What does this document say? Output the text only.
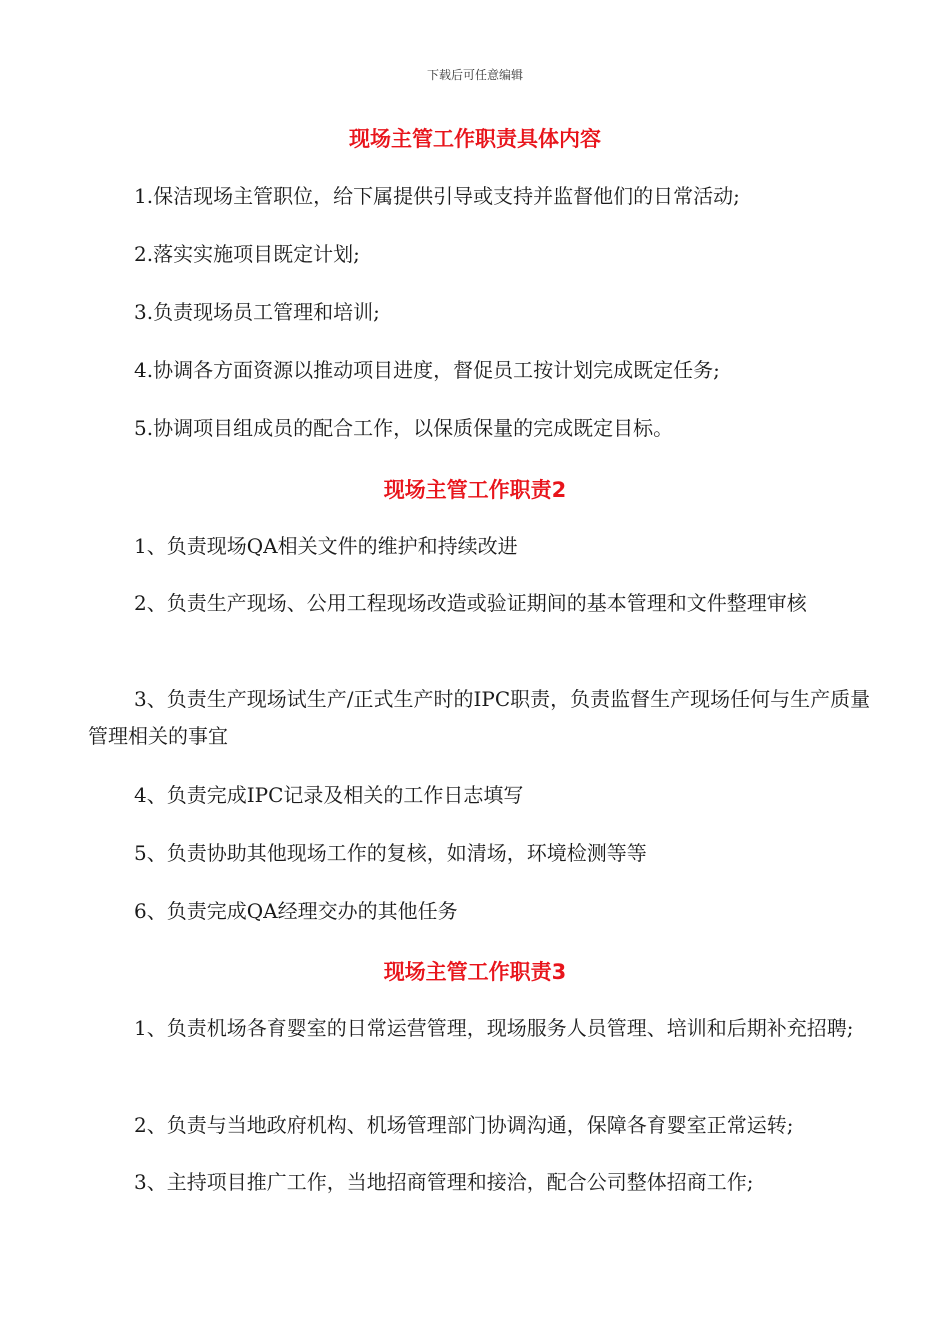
下载后可任意编辑
现场主管工作职责具体内容
1.保洁现场主管职位，给下属提供引导或支持并监督他们的日常活动;
2.落实实施项目既定计划;
3.负责现场员工管理和培训;
4.协调各方面资源以推动项目进度，督促员工按计划完成既定任务;
5.协调项目组成员的配合工作，以保质保量的完成既定目标。
现场主管工作职责2
1、负责现场QA相关文件的维护和持续改进
2、负责生产现场、公用工程现场改造或验证期间的基本管理和文件整理审核
3、负责生产现场试生产/正式生产时的IPC职责，负责监督生产现场任何与生产质量管理相关的事宜
4、负责完成IPC记录及相关的工作日志填写
5、负责协助其他现场工作的复核，如清场，环境检测等等
6、负责完成QA经理交办的其他任务
现场主管工作职责3
1、负责机场各育婴室的日常运营管理，现场服务人员管理、培训和后期补充招聘;
2、负责与当地政府机构、机场管理部门协调沟通，保障各育婴室正常运转;
3、主持项目推广工作，当地招商管理和接洽，配合公司整体招商工作;
